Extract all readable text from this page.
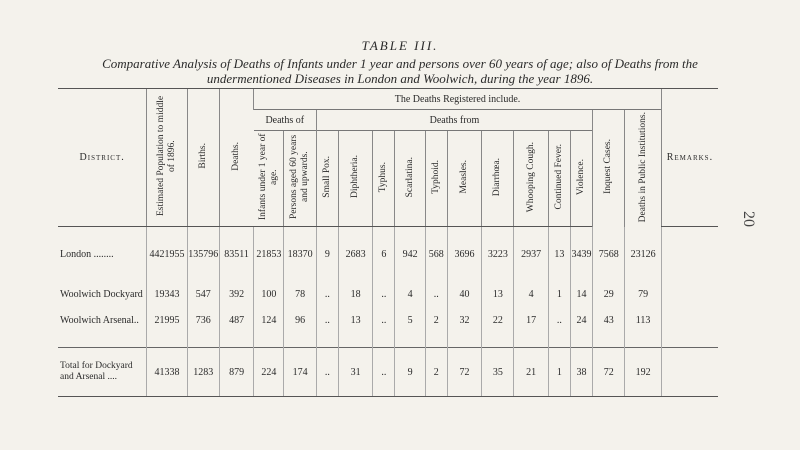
TABLE III.
Comparative Analysis of Deaths of Infants under 1 year and persons over 60 years of age; also of Deaths from the undermentioned Diseases in London and Woolwich, during the year 1896.
20
District.	Estimated Population to middle of 1896.	Births.	Deaths.	The Deaths Registered include.														Remarks.
				Deaths of		Deaths from										Inquest Cases.	Deaths in Public Institutions.	
				Infants under 1 year of age.	Persons aged 60 years and upwards.	Small Pox.	Diphtheria.	Typhus.	Scarlatina.	Typhoid.	Measles.	Diarrhœa.	Whooping Cough.	Continued Fever.	Violence.			

London ........	4421955	135796	83511	21853	18370	9	2683	6	942	568	3696	3223	2937	13	3439	7568	23126	

Woolwich Dockyard	19343	547	392	100	78	..	18	..	4	..	40	13	4	1	14	29	79	
Woolwich Arsenal..	21995	736	487	124	96	..	13	..	5	2	32	22	17	..	24	43	113	

Total for Dockyard and Arsenal ....	41338	1283	879	224	174	..	31	..	9	2	72	35	21	1	38	72	192	
